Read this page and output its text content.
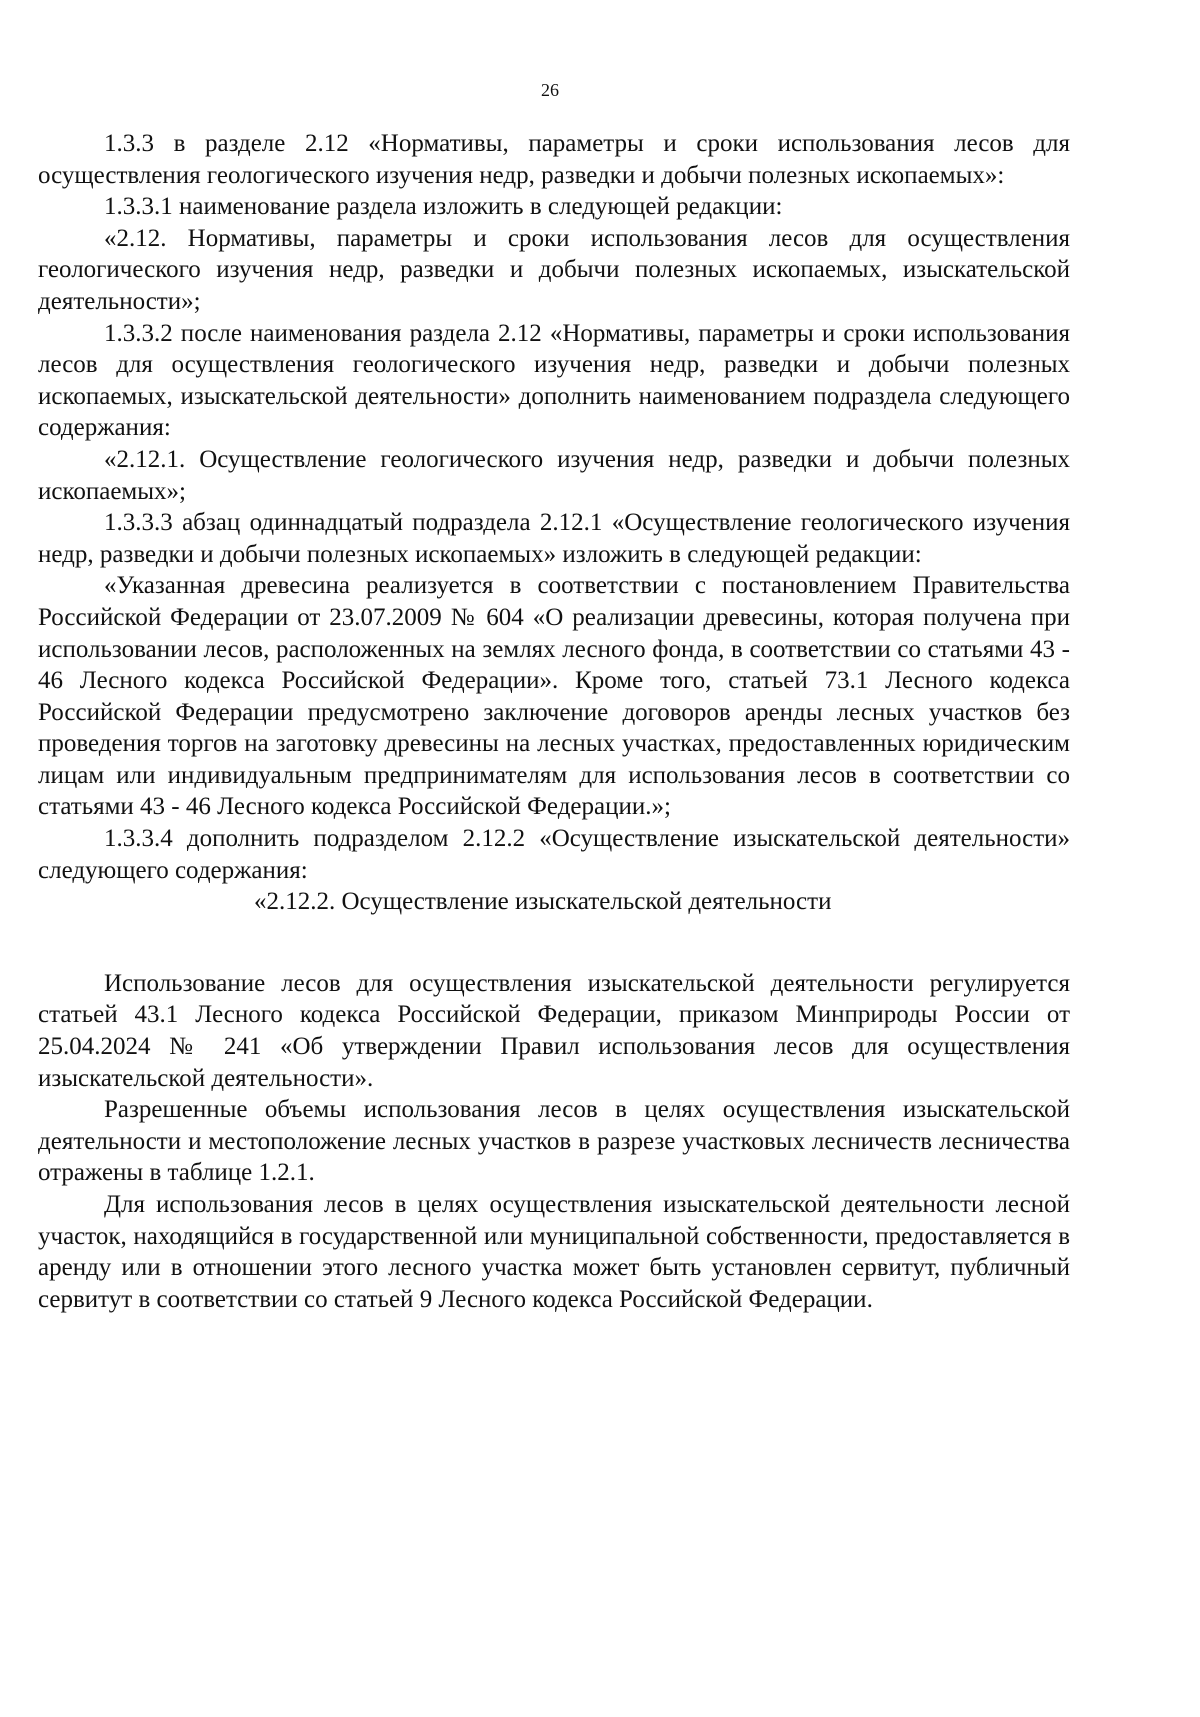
26

1.3.3 в разделе 2.12 «Нормативы, параметры и сроки использования лесов для осуществления геологического изучения недр, разведки и добычи полезных ископаемых»:

1.3.3.1 наименование раздела изложить в следующей редакции:

«2.12. Нормативы, параметры и сроки использования лесов для осуществления геологического изучения недр, разведки и добычи полезных ископаемых, изыскательской деятельности»;

1.3.3.2 после наименования раздела 2.12 «Нормативы, параметры и сроки использования лесов для осуществления геологического изучения недр, разведки и добычи полезных ископаемых, изыскательской деятельности» дополнить наименованием подраздела следующего содержания:

«2.12.1. Осуществление геологического изучения недр, разведки и добычи полезных ископаемых»;

1.3.3.3 абзац одиннадцатый подраздела 2.12.1 «Осуществление геологического изучения недр, разведки и добычи полезных ископаемых» изложить в следующей редакции:

«Указанная древесина реализуется в соответствии с постановлением Правительства Российской Федерации от 23.07.2009 № 604 «О реализации древесины, которая получена при использовании лесов, расположенных на землях лесного фонда, в соответствии со статьями 43 - 46 Лесного кодекса Российской Федерации». Кроме того, статьей 73.1 Лесного кодекса Российской Федерации предусмотрено заключение договоров аренды лесных участков без проведения торгов на заготовку древесины на лесных участках, предоставленных юридическим лицам или индивидуальным предпринимателям для использования лесов в соответствии со статьями 43 - 46 Лесного кодекса Российской Федерации.»;

1.3.3.4 дополнить подразделом 2.12.2 «Осуществление изыскательской деятельности» следующего содержания:

«2.12.2. Осуществление изыскательской деятельности

Использование лесов для осуществления изыскательской деятельности регулируется статьей 43.1 Лесного кодекса Российской Федерации, приказом Минприроды России от 25.04.2024 № 241 «Об утверждении Правил использования лесов для осуществления изыскательской деятельности».

Разрешенные объемы использования лесов в целях осуществления изыскательской деятельности и местоположение лесных участков в разрезе участковых лесничеств лесничества отражены в таблице 1.2.1.

Для использования лесов в целях осуществления изыскательской деятельности лесной участок, находящийся в государственной или муниципальной собственности, предоставляется в аренду или в отношении этого лесного участка может быть установлен сервитут, публичный сервитут в соответствии со статьей 9 Лесного кодекса Российской Федерации.
